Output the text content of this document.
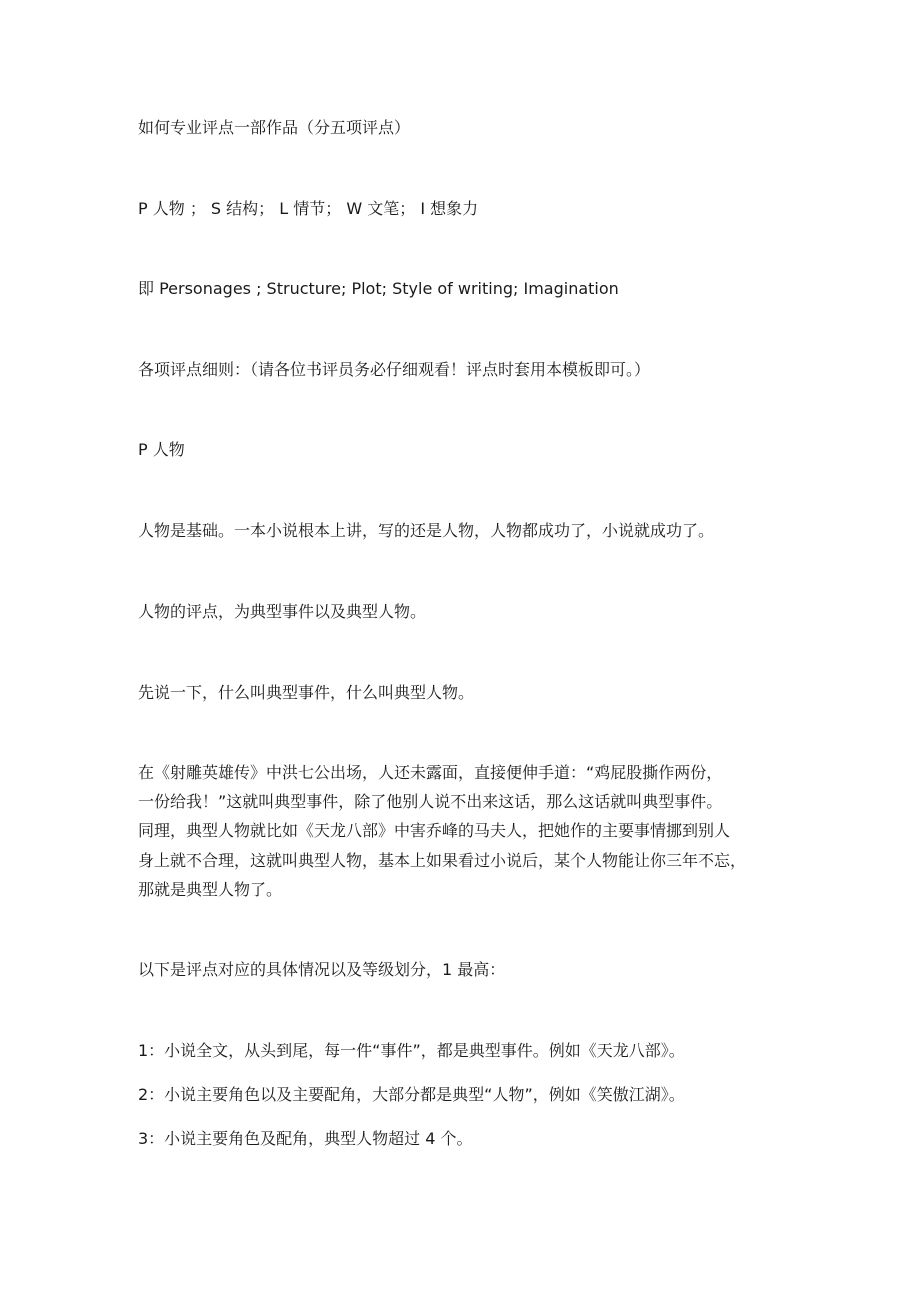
如何专业评点一部作品（分五项评点）
P 人物 ； S 结构； L 情节； W 文笔； I 想象力
即 Personages ; Structure; Plot; Style of writing; Imagination
各项评点细则：（请各位书评员务必仔细观看！评点时套用本模板即可。）
P 人物
人物是基础。一本小说根本上讲，写的还是人物，人物都成功了，小说就成功了。
人物的评点，为典型事件以及典型人物。
先说一下，什么叫典型事件，什么叫典型人物。
在《射雕英雄传》中洪七公出场，人还未露面，直接便伸手道：“鸡屁股撕作两份，
一份给我！”这就叫典型事件，除了他别人说不出来这话，那么这话就叫典型事件。
同理，典型人物就比如《天龙八部》中害乔峰的马夫人，把她作的主要事情挪到别人
身上就不合理，这就叫典型人物，基本上如果看过小说后，某个人物能让你三年不忘，
那就是典型人物了。
以下是评点对应的具体情况以及等级划分，1 最高：
1：小说全文，从头到尾，每一件“事件”，都是典型事件。例如《天龙八部》。
2：小说主要角色以及主要配角，大部分都是典型“人物”，例如《笑傲江湖》。
3：小说主要角色及配角，典型人物超过 4 个。
